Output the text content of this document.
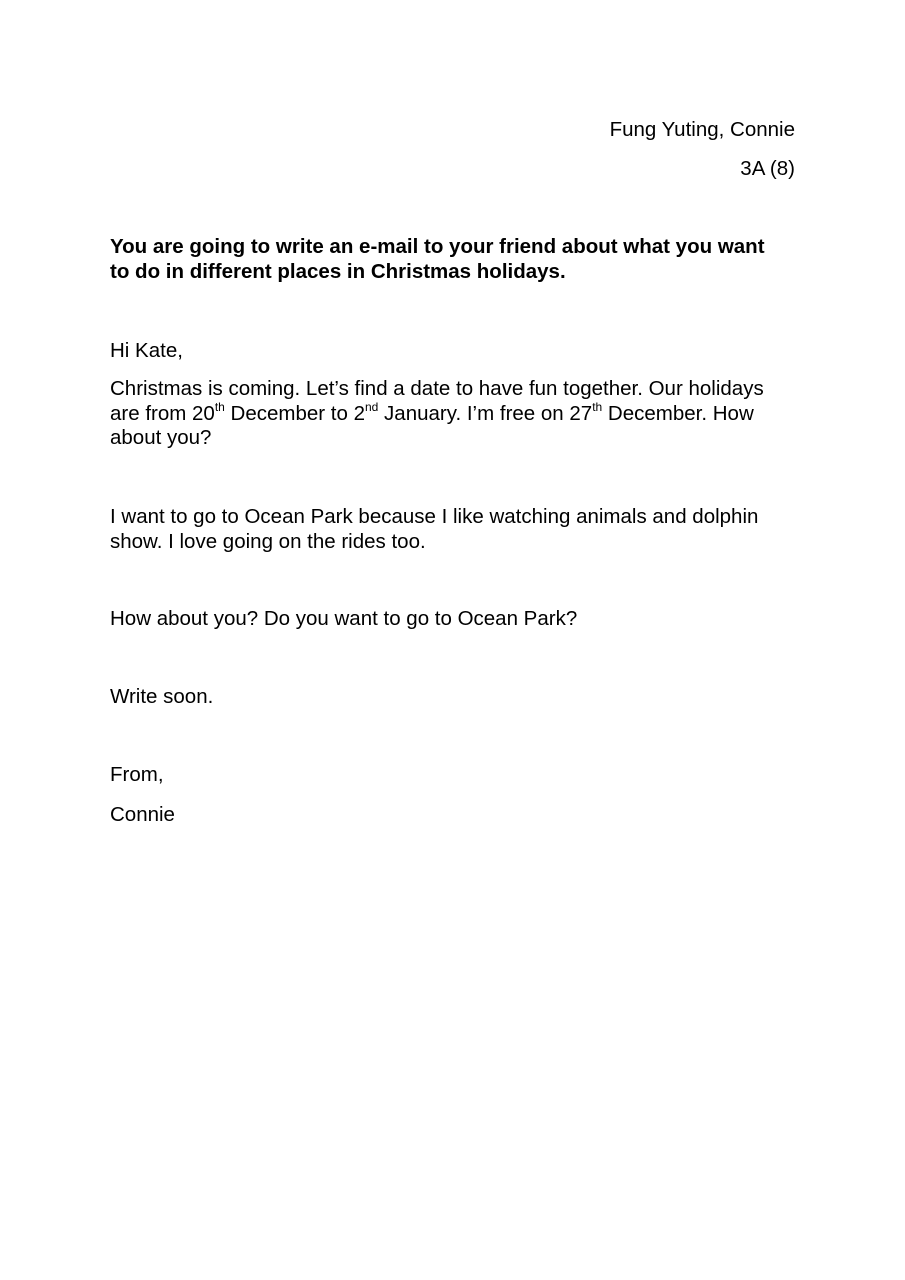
Fung Yuting, Connie
3A (8)
You are going to write an e-mail to your friend about what you want
to do in different places in Christmas holidays.
Hi Kate,
Christmas is coming. Let’s find a date to have fun together. Our holidays
are from 20th December to 2nd January. I’m free on 27th December. How
about you?
I want to go to Ocean Park because I like watching animals and dolphin
show. I love going on the rides too.
How about you? Do you want to go to Ocean Park?
Write soon.
From,
Connie
